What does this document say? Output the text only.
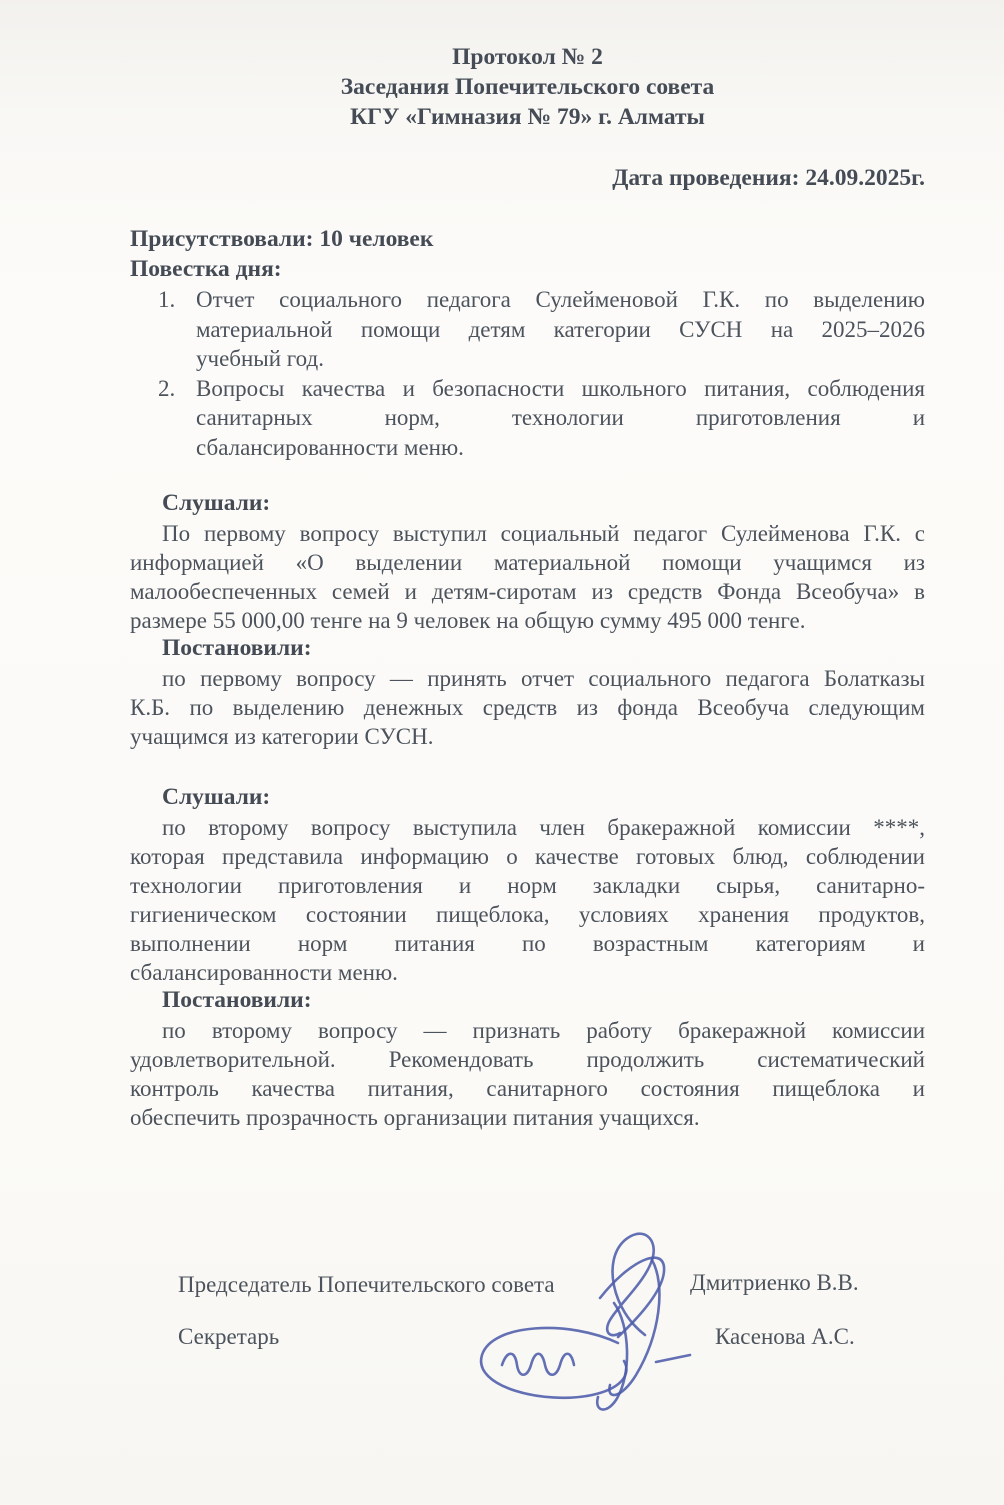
Протокол № 2
Заседания Попечительского совета
КГУ «Гимназия № 79» г. Алматы
Дата проведения: 24.09.2025г.
Присутствовали: 10 человек
Повестка дня:
1. Отчет социального педагога Сулейменовой Г.К. по выделению
материальной помощи детям категории СУСН на 2025–2026
учебный год.
2. Вопросы качества и безопасности школьного питания, соблюдения
санитарных норм, технологии приготовления и
сбалансированности меню.
Слушали:
По первому вопросу выступил социальный педагог Сулейменова Г.К. с
информацией «О выделении материальной помощи учащимся из
малообеспеченных семей и детям-сиротам из средств Фонда Всеобуча» в
размере 55 000,00 тенге на 9 человек на общую сумму 495 000 тенге.
Постановили:
по первому вопросу — принять отчет социального педагога Болатказы
К.Б. по выделению денежных средств из фонда Всеобуча следующим
учащимся из категории СУСН.
Слушали:
по второму вопросу выступила член бракеражной комиссии ****,
которая представила информацию о качестве готовых блюд, соблюдении
технологии приготовления и норм закладки сырья, санитарно-
гигиеническом состоянии пищеблока, условиях хранения продуктов,
выполнении норм питания по возрастным категориям и
сбалансированности меню.
Постановили:
по второму вопросу — признать работу бракеражной комиссии
удовлетворительной. Рекомендовать продолжить систематический
контроль качества питания, санитарного состояния пищеблока и
обеспечить прозрачность организации питания учащихся.
Председатель Попечительского совета	Дмитриенко В.В.
Секретарь	Касенова А.С.
